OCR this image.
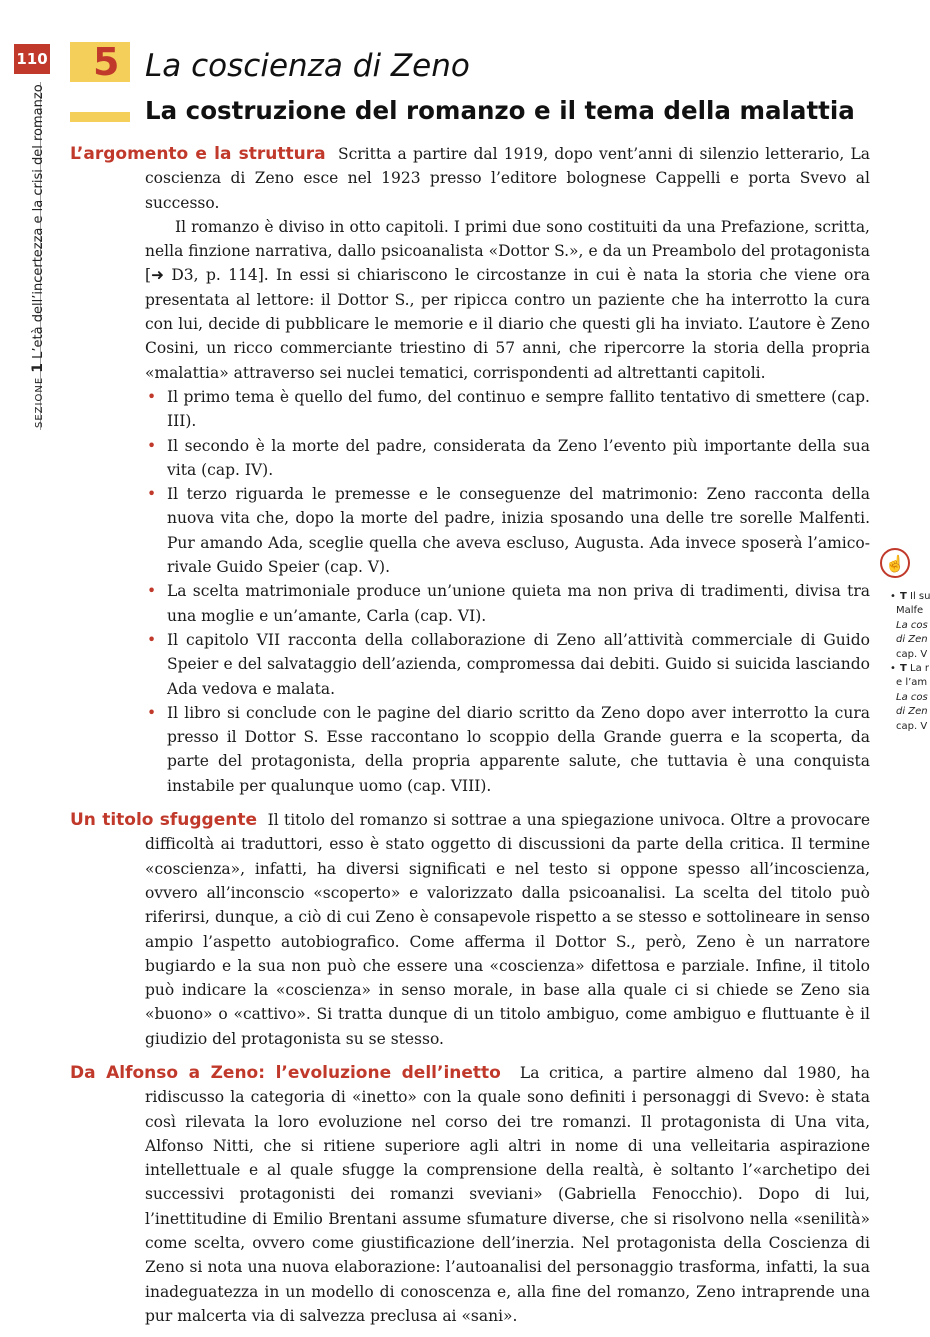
110
SEZIONE 1 L’età dell’incertezza e la crisi del romanzo
5 La coscienza di Zeno
La costruzione del romanzo e il tema della malattia

L’argomento e la struttura Scritta a partire dal 1919, dopo vent’anni di silenzio letterario, La coscienza di Zeno esce nel 1923 presso l’editore bolognese Cappelli e porta Svevo al successo.

Il romanzo è diviso in otto capitoli. I primi due sono costituiti da una Prefazione, scritta, nella finzione narrativa, dallo psicoanalista «Dottor S.», e da un Preambolo del protagonista [➜ D3, p. 114]. In essi si chiariscono le circostanze in cui è nata la storia che viene ora presentata al lettore: il Dottor S., per ripicca contro un paziente che ha interrotto la cura con lui, decide di pubblicare le memorie e il diario che questi gli ha inviato. L’autore è Zeno Cosini, un ricco commerciante triestino di 57 anni, che ripercorre la storia della propria «malattia» attraverso sei nuclei tematici, corrispondenti ad altrettanti capitoli.

• Il primo tema è quello del fumo, del continuo e sempre fallito tentativo di smettere (cap. III).
• Il secondo è la morte del padre, considerata da Zeno l’evento più importante della sua vita (cap. IV).
• Il terzo riguarda le premesse e le conseguenze del matrimonio: Zeno racconta della nuova vita che, dopo la morte del padre, inizia sposando una delle tre sorelle Malfenti. Pur amando Ada, sceglie quella che aveva escluso, Augusta. Ada invece sposerà l’amico-rivale Guido Speier (cap. V).
• La scelta matrimoniale produce un’unione quieta ma non priva di tradimenti, divisa tra una moglie e un’amante, Carla (cap. VI).
• Il capitolo VII racconta della collaborazione di Zeno all’attività commerciale di Guido Speier e del salvataggio dell’azienda, compromessa dai debiti. Guido si suicida lasciando Ada vedova e malata.
• Il libro si conclude con le pagine del diario scritto da Zeno dopo aver interrotto la cura presso il Dottor S. Esse raccontano lo scoppio della Grande guerra e la scoperta, da parte del protagonista, della propria apparente salute, che tuttavia è una conquista instabile per qualunque uomo (cap. VIII).

Un titolo sfuggente Il titolo del romanzo si sottrae a una spiegazione univoca. Oltre a provocare difficoltà ai traduttori, esso è stato oggetto di discussioni da parte della critica. Il termine «coscienza», infatti, ha diversi significati e nel testo si oppone spesso all’incoscienza, ovvero all’inconscio «scoperto» e valorizzato dalla psicoanalisi. La scelta del titolo può riferirsi, dunque, a ciò di cui Zeno è consapevole rispetto a se stesso e sottolineare in senso ampio l’aspetto autobiografico. Come afferma il Dottor S., però, Zeno è un narratore bugiardo e la sua non può che essere una «coscienza» difettosa e parziale. Infine, il titolo può indicare la «coscienza» in senso morale, in base alla quale ci si chiede se Zeno sia «buono» o «cattivo». Si tratta dunque di un titolo ambiguo, come ambiguo e fluttuante è il giudizio del protagonista su se stesso.

Da Alfonso a Zeno: l’evoluzione dell’inetto La critica, a partire almeno dal 1980, ha ridiscusso la categoria di «inetto» con la quale sono definiti i personaggi di Svevo: è stata così rilevata la loro evoluzione nel corso dei tre romanzi. Il protagonista di Una vita, Alfonso Nitti, che si ritiene superiore agli altri in nome di una velleitaria aspirazione intellettuale e al quale sfugge la comprensione della realtà, è soltanto l’«archetipo dei successivi protagonisti dei romanzi sveviani» (Gabriella Fenocchio). Dopo di lui, l’inettitudine di Emilio Brentani assume sfumature diverse, che si risolvono nella «senilità» come scelta, ovvero come giustificazione dell’inerzia. Nel protagonista della Coscienza di Zeno si nota una nuova elaborazione: l’autoanalisi del personaggio trasforma, infatti, la sua inadeguatezza in un modello di conoscenza e, alla fine del romanzo, Zeno intraprende una pur malcerta via di salvezza preclusa ai «sani».

☝
• T Il su
Malfe
La cos
di Zen
cap. V
• T La r
e l’am
La cos
di Zen
cap. V
